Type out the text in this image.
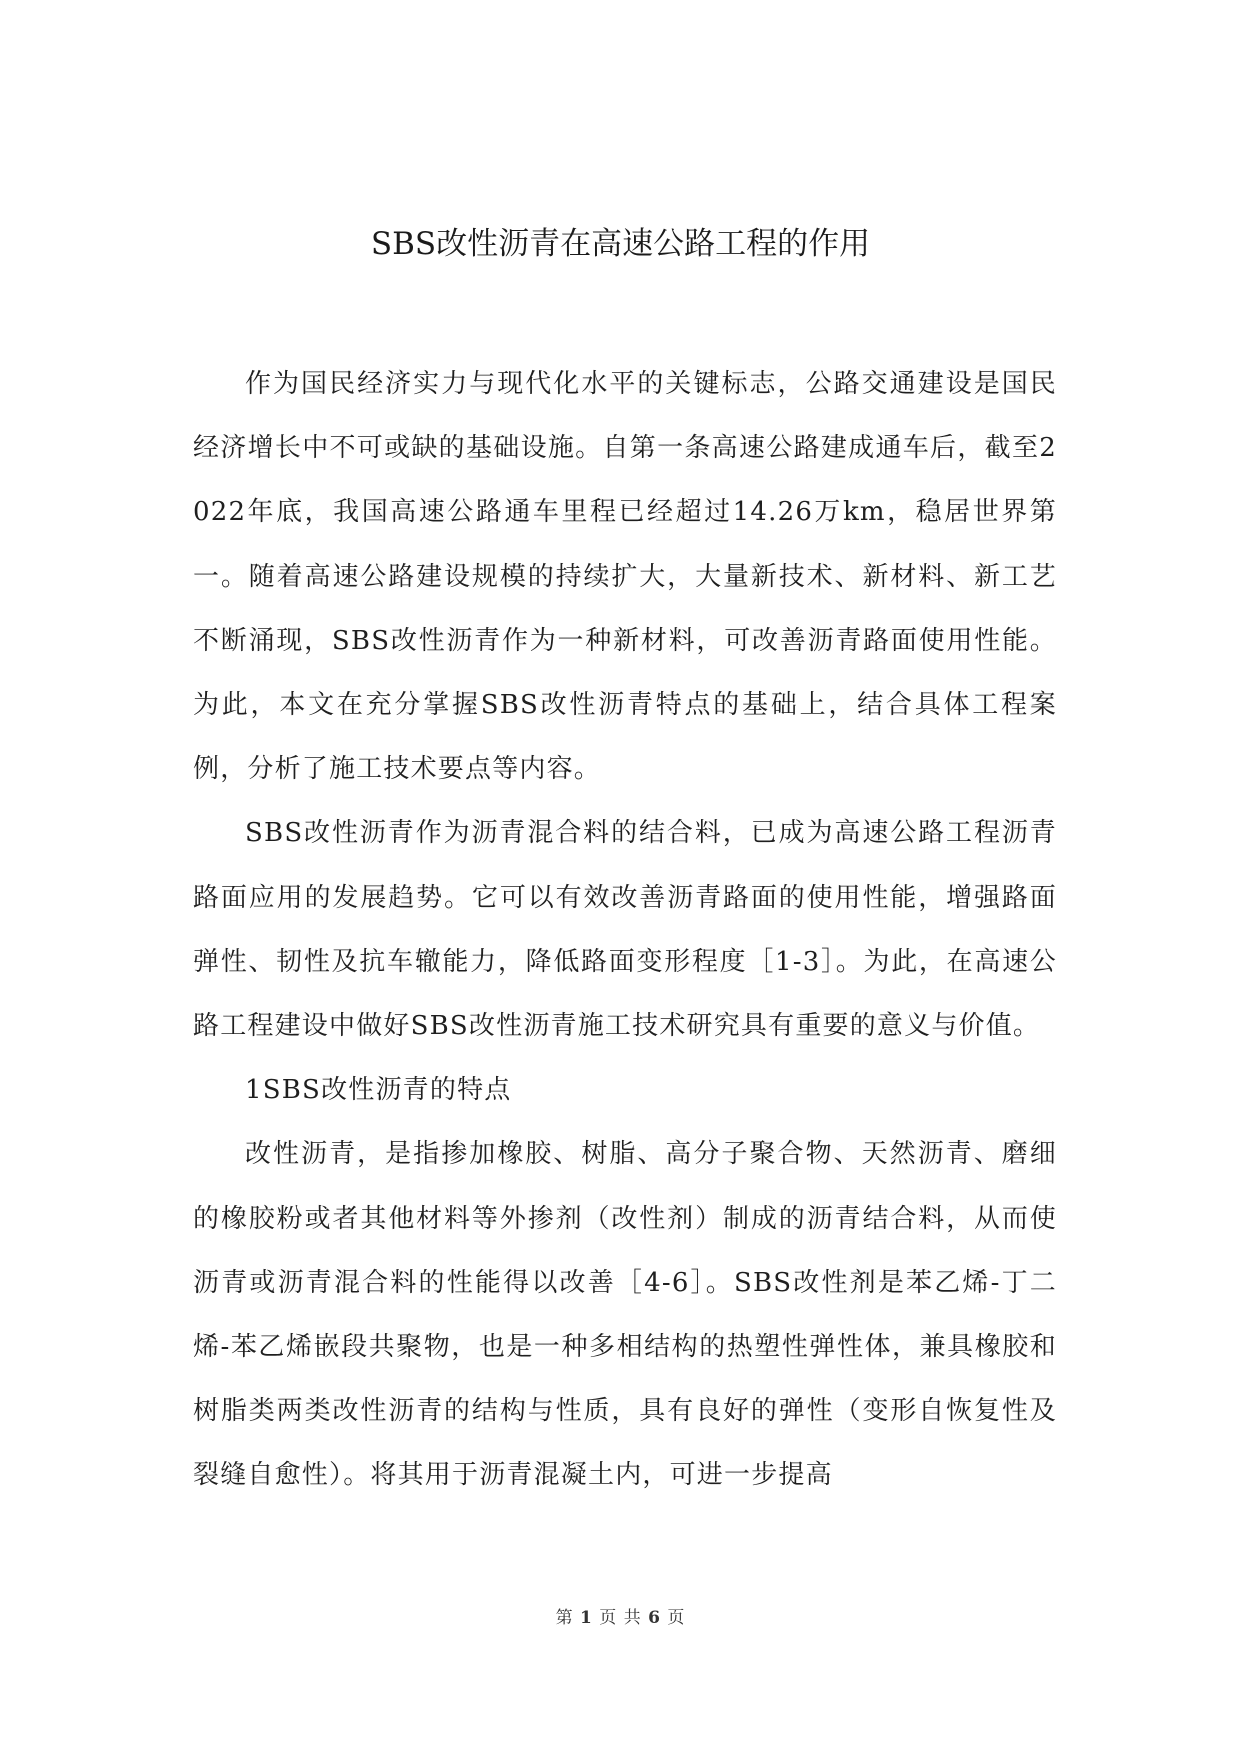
SBS改性沥青在高速公路工程的作用

作为国民经济实力与现代化水平的关键标志，公路交通建设是国民经济增长中不可或缺的基础设施。自第一条高速公路建成通车后，截至2022年底，我国高速公路通车里程已经超过14.26万km，稳居世界第一。随着高速公路建设规模的持续扩大，大量新技术、新材料、新工艺不断涌现，SBS改性沥青作为一种新材料，可改善沥青路面使用性能。为此，本文在充分掌握SBS改性沥青特点的基础上，结合具体工程案例，分析了施工技术要点等内容。

SBS改性沥青作为沥青混合料的结合料，已成为高速公路工程沥青路面应用的发展趋势。它可以有效改善沥青路面的使用性能，增强路面弹性、韧性及抗车辙能力，降低路面变形程度［1-3］。为此，在高速公路工程建设中做好SBS改性沥青施工技术研究具有重要的意义与价值。

1SBS改性沥青的特点

改性沥青，是指掺加橡胶、树脂、高分子聚合物、天然沥青、磨细的橡胶粉或者其他材料等外掺剂（改性剂）制成的沥青结合料，从而使沥青或沥青混合料的性能得以改善［4-6］。SBS改性剂是苯乙烯-丁二烯-苯乙烯嵌段共聚物，也是一种多相结构的热塑性弹性体，兼具橡胶和树脂类两类改性沥青的结构与性质，具有良好的弹性（变形自恢复性及裂缝自愈性）。将其用于沥青混凝土内，可进一步提高

第 1 页 共 6 页
